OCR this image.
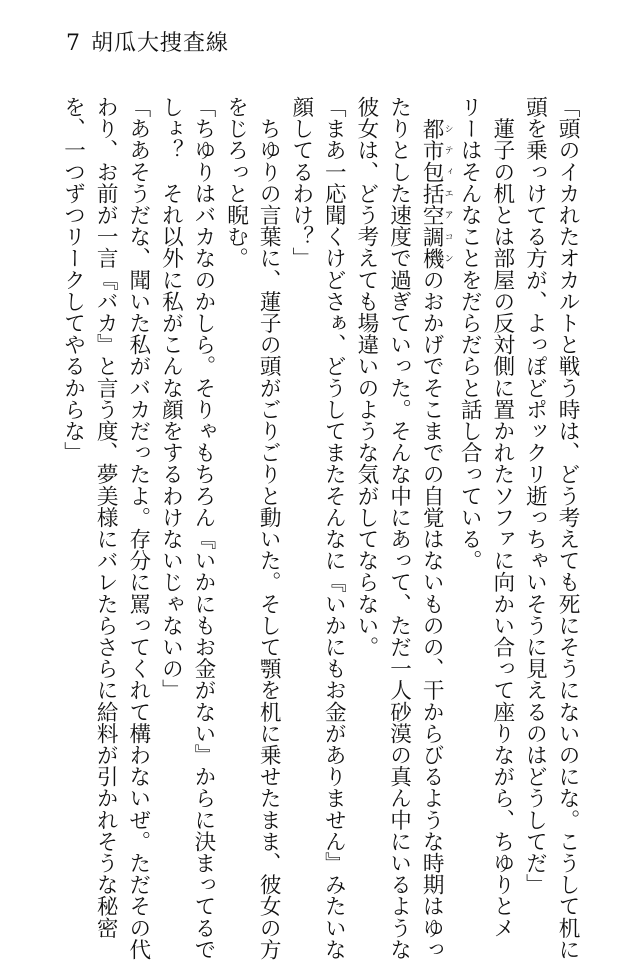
7 胡瓜大捜査線
「頭のイカれたオカルトと戦う時は、どう考えても死にそうにないのにな。こうして机に
頭を乗っけてる方が、よっぽどポックリ逝っちゃいそうに見えるのはどうしてだ」
　蓮子の机とは部屋の反対側に置かれたソファに向かい合って座りながら、ちゆりとメ
リーはそんなことをだらだらと話し合っている。
　都市包括空調機シティエアコンのおかげでそこまでの自覚はないものの、干からびるような時期はゆっ
たりとした速度で過ぎていった。そんな中にあって、ただ一人砂漠の真ん中にいるような
彼女は、どう考えても場違いのような気がしてならない。
「まあ一応聞くけどさぁ、どうしてまたそんなに『いかにもお金がありません』みたいな
顔してるわけ？」
　ちゆりの言葉に、蓮子の頭がごりごりと動いた。そして顎を机に乗せたまま、彼女の方
をじろっと睨む。
「ちゆりはバカなのかしら。そりゃもちろん『いかにもお金がない』からに決まってるで
しょ？　それ以外に私がこんな顔をするわけないじゃないの」
「ああそうだな、聞いた私がバカだったよ。存分に罵ってくれて構わないぜ。ただその代
わり、お前が一言『バカ』と言う度、夢美様にバレたらさらに給料が引かれそうな秘密
を、一つずつリークしてやるからな」
